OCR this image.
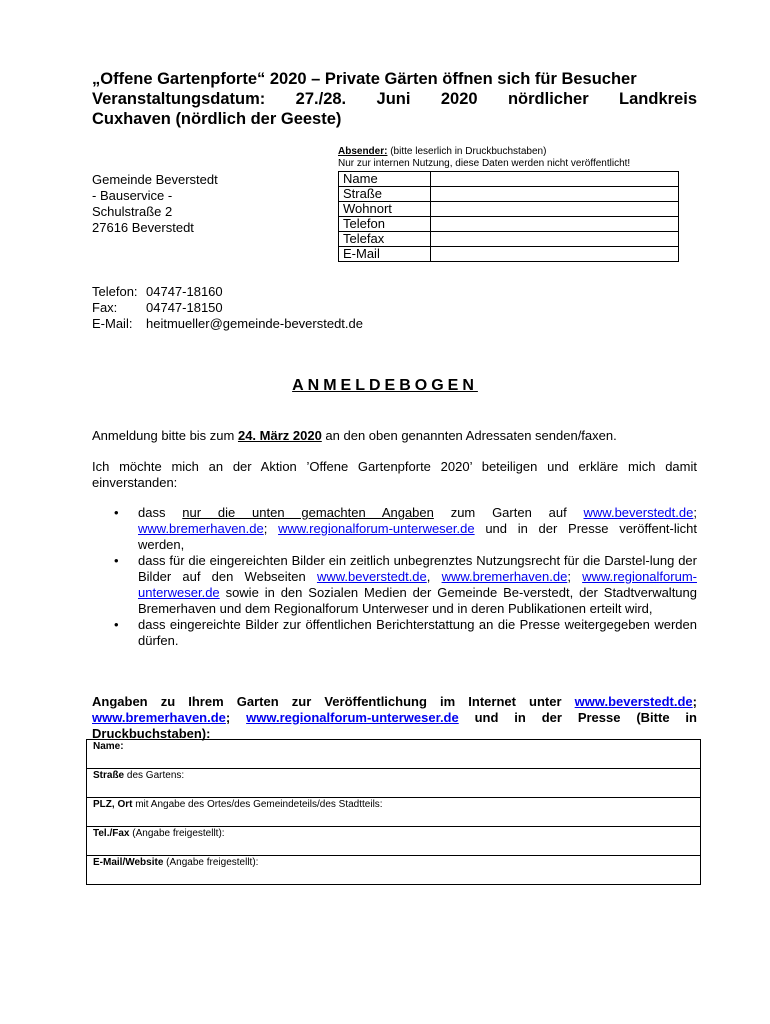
„Offene Gartenpforte“ 2020 – Private Gärten öffnen sich für Besucher
Veranstaltungsdatum: 27./28. Juni 2020 nördlicher Landkreis
Cuxhaven (nördlich der Geeste)
Absender: (bitte leserlich in Druckbuchstaben)
Nur zur internen Nutzung, diese Daten werden nicht veröffentlicht!
Name	
Straße	
Wohnort	
Telefon	
Telefax	
E-Mail	
Gemeinde Beverstedt
- Bauservice -
Schulstraße 2
27616 Beverstedt
Telefon: 04747-18160
Fax:	04747-18150
E-Mail:	heitmueller@gemeinde-beverstedt.de
ANMELDEBOGEN

Anmeldung bitte bis zum 24. März 2020 an den oben genannten Adressaten senden/faxen.

Ich möchte mich an der Aktion ’Offene Gartenpforte 2020’ beteiligen und erkläre mich damit einverstanden:

• dass nur die unten gemachten Angaben zum Garten auf www.beverstedt.de; www.bremerhaven.de; www.regionalforum-unterweser.de und in der Presse veröffent-licht werden,
• dass für die eingereichten Bilder ein zeitlich unbegrenztes Nutzungsrecht für die Darstel-lung der Bilder auf den Webseiten www.beverstedt.de, www.bremerhaven.de; www.regionalforum-unterweser.de sowie in den Sozialen Medien der Gemeinde Be-verstedt, der Stadtverwaltung Bremerhaven und dem Regionalforum Unterweser und in deren Publikationen erteilt wird,
• dass eingereichte Bilder zur öffentlichen Berichterstattung an die Presse weitergegeben werden dürfen.

Angaben zu Ihrem Garten zur Veröffentlichung im Internet unter www.beverstedt.de; www.bremerhaven.de; www.regionalforum-unterweser.de und in der Presse (Bitte in Druckbuchstaben):

Name:
Straße des Gartens:
PLZ, Ort mit Angabe des Ortes/des Gemeindeteils/des Stadtteils:
Tel./Fax (Angabe freigestellt):
E-Mail/Website (Angabe freigestellt):
